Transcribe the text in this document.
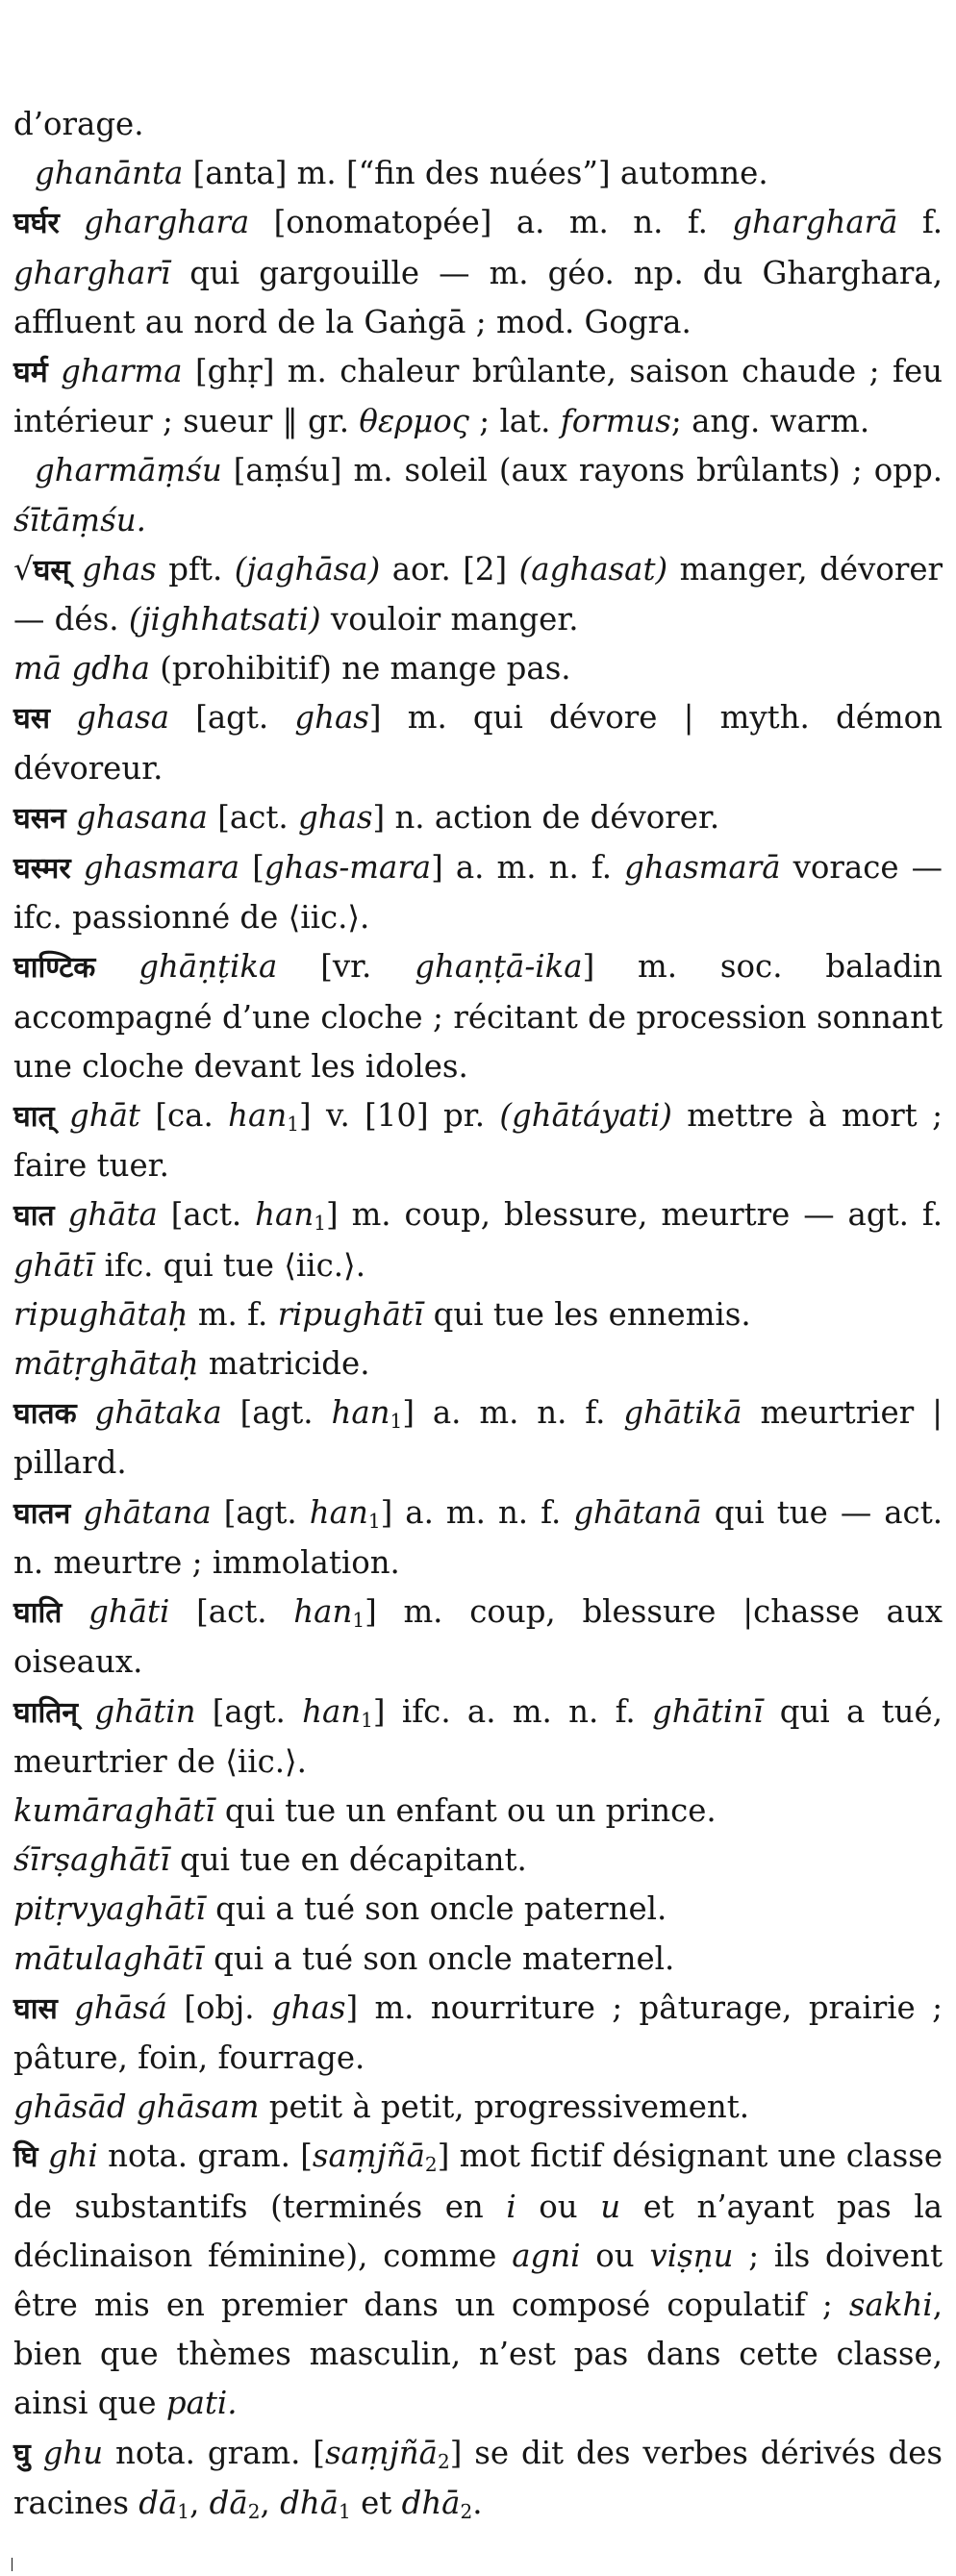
d’orage.

ghanānta [anta] m. [“fin des nuées”] automne.

घर्घर gharghara [onomatopée] a. m. n. f. ghargharā f. ghargharī qui gargouille — m. géo. np. du Gharghara, affluent au nord de la Gaṅgā ; mod. Gogra.

घर्म gharma [ghṛ] m. chaleur brûlante, saison chaude ; feu intérieur ; sueur ‖ gr. θερμος ; lat. formus; ang. warm.

gharmāṃśu [aṃśu] m. soleil (aux rayons brûlants) ; opp. śītāṃśu.

√घस् ghas pft. (jaghāsa) aor. [2] (aghasat) manger, dévorer — dés. (jighhatsati) vouloir manger.

mā gdha (prohibitif) ne mange pas.

घस ghasa [agt. ghas] m. qui dévore | myth. démon dévoreur.

घसन ghasana [act. ghas] n. action de dévorer.

घस्मर ghasmara [ghas-mara] a. m. n. f. ghasmarā vorace — ifc. passionné de ⟨iic.⟩.

घाण्टिक ghāṇṭika [vr. ghaṇṭā-ika] m. soc. baladin accompagné d’une cloche ; récitant de procession sonnant une cloche devant les idoles.

घात् ghāt [ca. han$_1$] v. [10] pr. (ghātáyati) mettre à mort ; faire tuer.

घात ghāta [act. han$_1$] m. coup, blessure, meurtre — agt. f. ghātī ifc. qui tue ⟨iic.⟩.

ripughātaḥ m. f. ripughātī qui tue les ennemis.

mātṛghātaḥ matricide.

घातक ghātaka [agt. han$_1$] a. m. n. f. ghātikā meurtrier | pillard.

घातन ghātana [agt. han$_1$] a. m. n. f. ghātanā qui tue — act. n. meurtre ; immolation.

घाति ghāti [act. han$_1$] m. coup, blessure |chasse aux oiseaux.

घातिन् ghātin [agt. han$_1$] ifc. a. m. n. f. ghātinī qui a tué, meurtrier de ⟨iic.⟩.

kumāraghātī qui tue un enfant ou un prince.

śīrṣaghātī qui tue en décapitant.

pitṛvyaghātī qui a tué son oncle paternel.

mātulaghātī qui a tué son oncle maternel.

घास ghāsá [obj. ghas] m. nourriture ; pâturage, prairie ; pâture, foin, fourrage.

ghāsād ghāsam petit à petit, progressivement.

घि ghi nota. gram. [saṃjñā$_2$] mot fictif désignant une classe de substantifs (terminés en i ou u et n’ayant pas la déclinaison féminine), comme agni ou viṣṇu ; ils doivent être mis en premier dans un composé copulatif ; sakhi, bien que thèmes masculin, n’est pas dans cette classe, ainsi que pati.

घु ghu nota. gram. [saṃjñā$_2$] se dit des verbes dérivés des racines $dā_1$, $dā_2$, dhā$_1$ et dhā$_2$.
